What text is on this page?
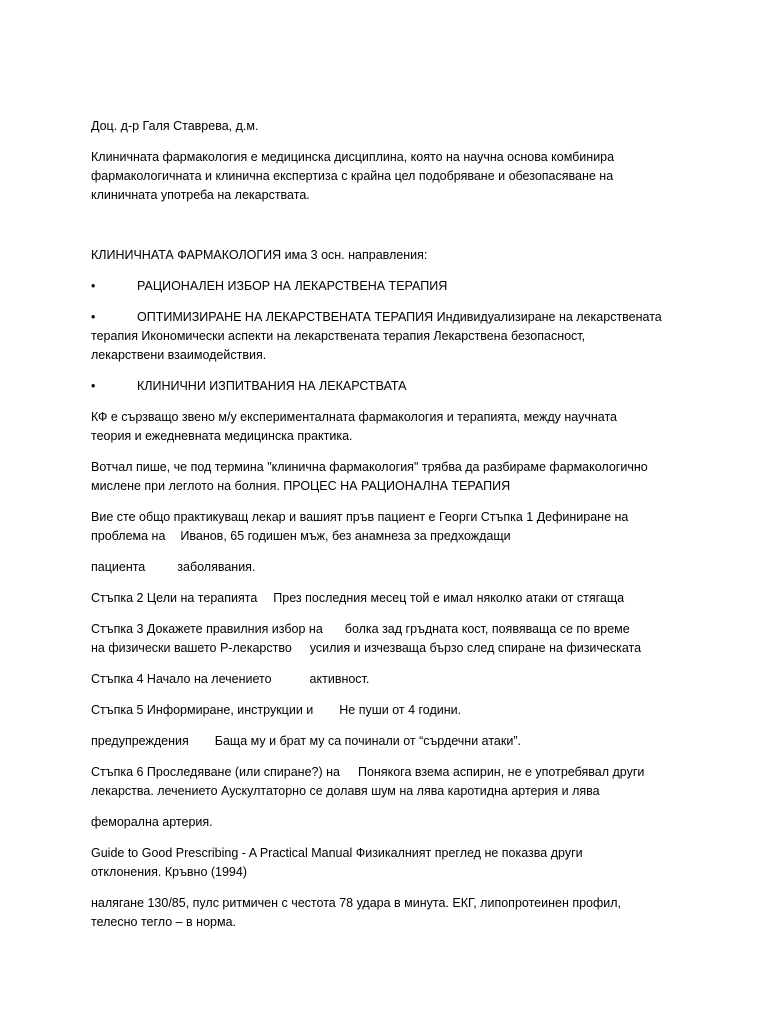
Доц. д-р Галя Ставрева, д.м.
Клиничната фармакология е медицинска дисциплина, която на научна основа комбинира
фармакологичната и клинична експертиза с крайна цел подобряване и обезопасяване на
клиничната употреба на лекарствата.
КЛИНИЧНАТА ФАРМАКОЛОГИЯ има 3 осн. направления:
•	РАЦИОНАЛЕН ИЗБОР НА ЛЕКАРСТВЕНА ТЕРАПИЯ
•	ОПТИМИЗИРАНЕ НА ЛЕКАРСТВЕНАТА ТЕРАПИЯ Индивидуализиране на лекарствената
терапия Икономически аспекти на лекарствената терапия Лекарствена безопасност,
лекарствени взаимодействия.
•	КЛИНИЧНИ ИЗПИТВАНИЯ НА ЛЕКАРСТВАТА
КФ е сързващо звено м/у експерименталната фармакология и терапията, между научната
теория и ежедневната медицинска практика.
Вотчал пише, че под термина "клинична фармакология" трябва да разбираме фармакологично
мислене при леглото на болния. ПРОЦЕС НА РАЦИОНАЛНА ТЕРАПИЯ
Вие сте общо практикуващ лекар и вашият пръв пациент е Георги Стъпка 1 Дефиниране на
проблема на Иванов, 65 годишен мъж, без анамнеза за предхождащи
пациента	заболявания.
Стъпка 2 Цели на терапията През последния месец той е имал няколко атаки от стягаща
Стъпка 3 Докажете правилния избор на болка зад гръдната кост, появяваща се по време
на физически вашето P-лекарство усилия и изчезваща бързо след спиране на физическата
Стъпка 4 Начало на лечението	активност.
Стъпка 5 Информиране, инструкции и Не пуши от 4 години.
предупреждения Баща му и брат му са починали от “сърдечни атаки”.
Стъпка 6 Проследяване (или спиране?) на Понякога взема аспирин, не е употребявал други
лекарства. лечението Аускултаторно се долавя шум на лява каротидна артерия и лява
феморална артерия.
Guide to Good Prescribing - A Practical Manual Физикалният преглед не показва други
отклонения. Кръвно (1994)
налягане 130/85, пулс ритмичен с честота 78 удара в минута. ЕКГ, липопротеинен профил,
телесно тегло – в норма.
